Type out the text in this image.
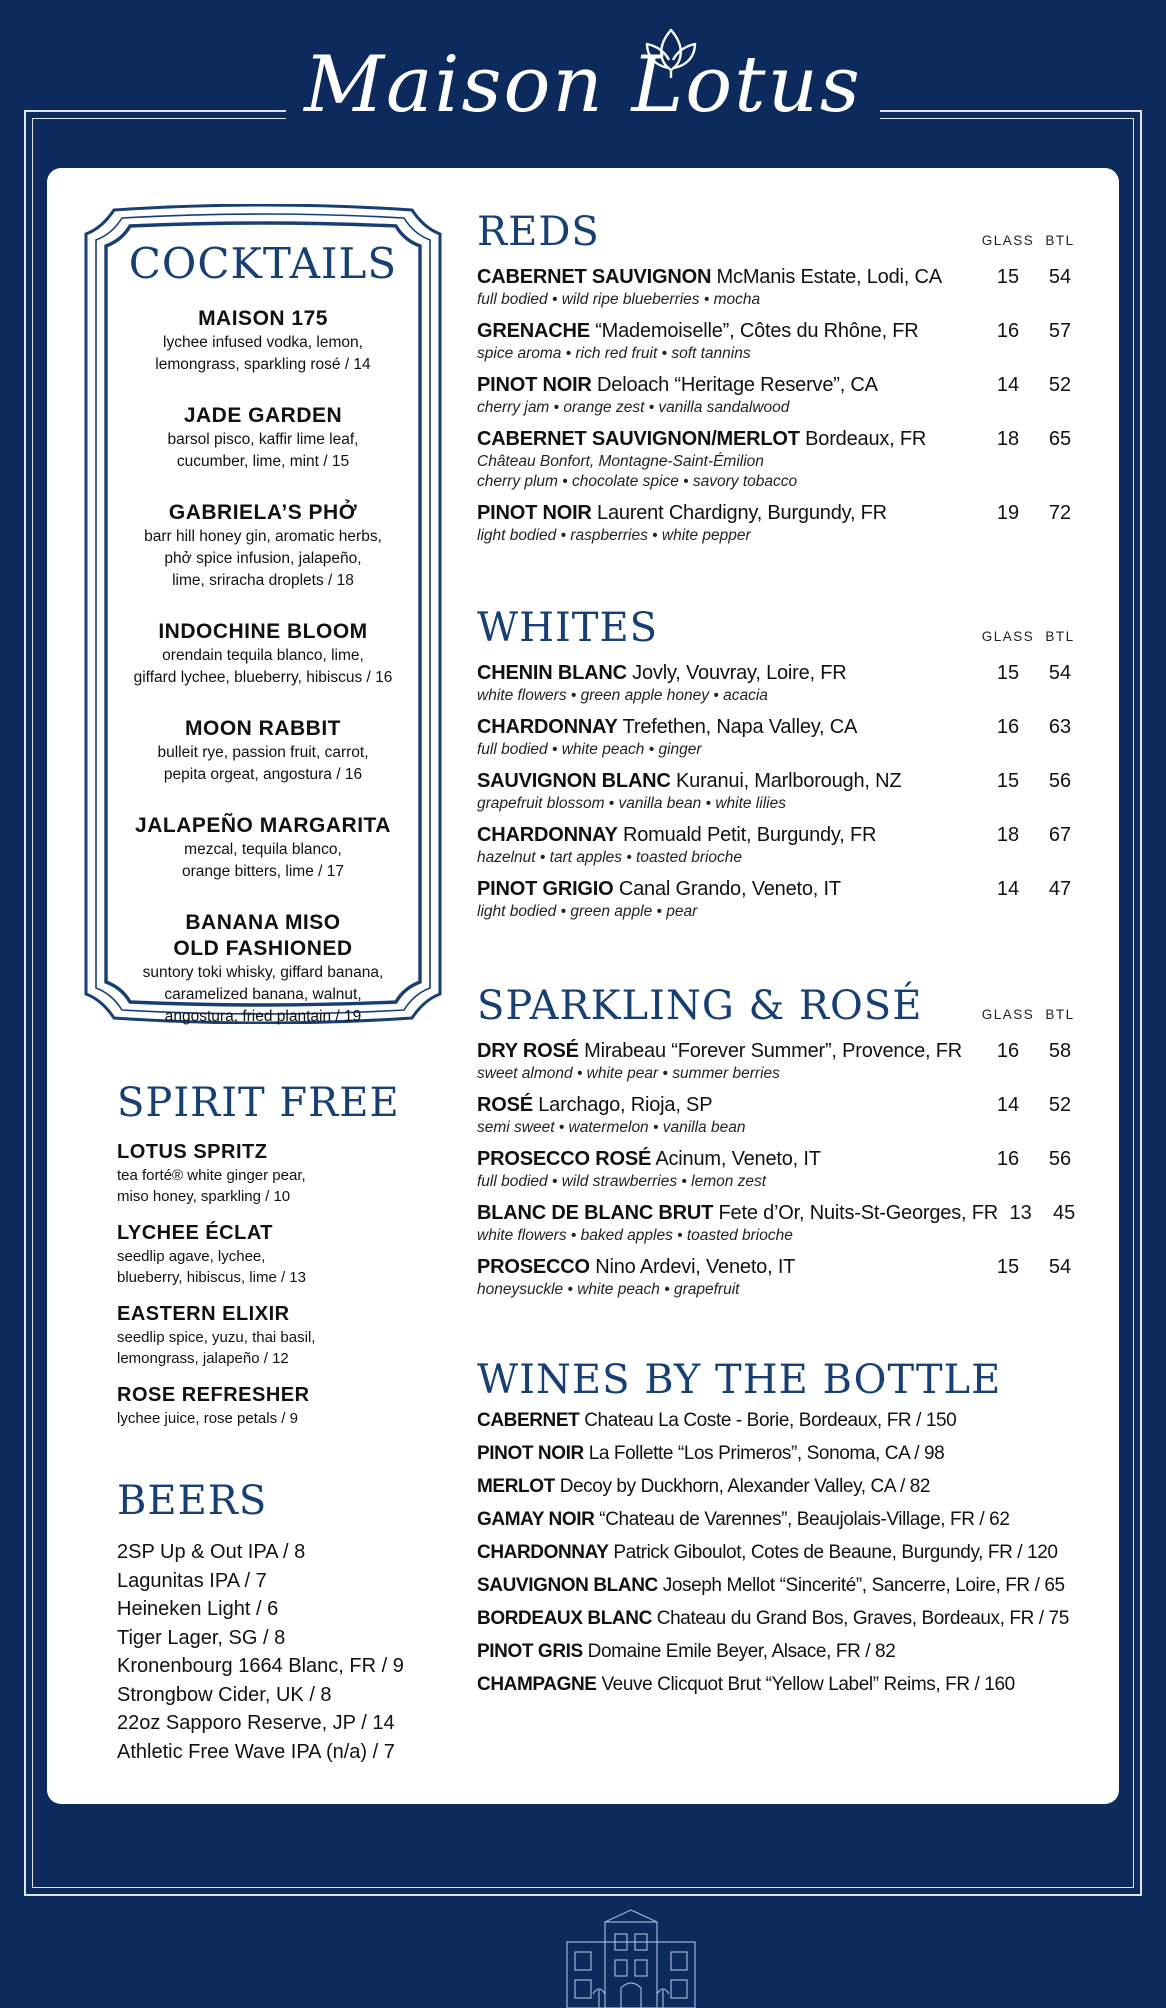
Maison Lotus
COCKTAILS
MAISON 175
lychee infused vodka, lemon,
lemongrass, sparkling rosé / 14
JADE GARDEN
barsol pisco, kaffir lime leaf,
cucumber, lime, mint / 15
GABRIELA’S PHỞ
barr hill honey gin, aromatic herbs,
phở spice infusion, jalapeño,
lime, sriracha droplets / 18
INDOCHINE BLOOM
orendain tequila blanco, lime,
giffard lychee, blueberry, hibiscus / 16
MOON RABBIT
bulleit rye, passion fruit, carrot,
pepita orgeat, angostura / 16
JALAPEÑO MARGARITA
mezcal, tequila blanco,
orange bitters, lime / 17
BANANA MISO
OLD FASHIONED
suntory toki whisky, giffard banana,
caramelized banana, walnut,
angostura, fried plantain / 19
SPIRIT FREE
LOTUS SPRITZ
tea forté® white ginger pear,
miso honey, sparkling / 10
LYCHEE ÉCLAT
seedlip agave, lychee,
blueberry, hibiscus, lime / 13
EASTERN ELIXIR
seedlip spice, yuzu, thai basil,
lemongrass, jalapeño / 12
ROSE REFRESHER
lychee juice, rose petals / 9
BEERS
2SP Up & Out IPA / 8
Lagunitas IPA / 7
Heineken Light / 6
Tiger Lager, SG / 8
Kronenbourg 1664 Blanc, FR / 9
Strongbow Cider, UK / 8
22oz Sapporo Reserve, JP / 14
Athletic Free Wave IPA (n/a) / 7
REDS	GLASS BTL
CABERNET SAUVIGNON McManis Estate, Lodi, CA	15	54
full bodied • wild ripe blueberries • mocha
GRENACHE “Mademoiselle”, Côtes du Rhône, FR	16	57
spice aroma • rich red fruit • soft tannins
PINOT NOIR Deloach “Heritage Reserve”, CA	14	52
cherry jam • orange zest • vanilla sandalwood
CABERNET SAUVIGNON/MERLOT Bordeaux, FR	18	65
Château Bonfort, Montagne-Saint-Émilion
cherry plum • chocolate spice • savory tobacco
PINOT NOIR Laurent Chardigny, Burgundy, FR	19	72
light bodied • raspberries • white pepper
WHITES	GLASS BTL
CHENIN BLANC Jovly, Vouvray, Loire, FR	15	54
white flowers • green apple honey • acacia
CHARDONNAY Trefethen, Napa Valley, CA	16	63
full bodied • white peach • ginger
SAUVIGNON BLANC Kuranui, Marlborough, NZ	15	56
grapefruit blossom • vanilla bean • white lilies
CHARDONNAY Romuald Petit, Burgundy, FR	18	67
hazelnut • tart apples • toasted brioche
PINOT GRIGIO Canal Grando, Veneto, IT	14	47
light bodied • green apple • pear
SPARKLING & ROSÉ	GLASS BTL
DRY ROSÉ Mirabeau “Forever Summer”, Provence, FR	16	58
sweet almond • white pear • summer berries
ROSÉ Larchago, Rioja, SP	14	52
semi sweet • watermelon • vanilla bean
PROSECCO ROSÉ Acinum, Veneto, IT	16	56
full bodied • wild strawberries • lemon zest
BLANC DE BLANC BRUT Fete d’Or, Nuits-St-Georges, FR 13	45
white flowers • baked apples • toasted brioche
PROSECCO Nino Ardevi, Veneto, IT	15	54
honeysuckle • white peach • grapefruit
WINES BY THE BOTTLE
CABERNET Chateau La Coste - Borie, Bordeaux, FR / 150
PINOT NOIR La Follette “Los Primeros”, Sonoma, CA / 98
MERLOT Decoy by Duckhorn, Alexander Valley, CA / 82
GAMAY NOIR “Chateau de Varennes”, Beaujolais-Village, FR / 62
CHARDONNAY Patrick Giboulot, Cotes de Beaune, Burgundy, FR / 120
SAUVIGNON BLANC Joseph Mellot “Sincerité”, Sancerre, Loire, FR / 65
BORDEAUX BLANC Chateau du Grand Bos, Graves, Bordeaux, FR / 75
PINOT GRIS Domaine Emile Beyer, Alsace, FR / 82
CHAMPAGNE Veuve Clicquot Brut “Yellow Label” Reims, FR / 160
